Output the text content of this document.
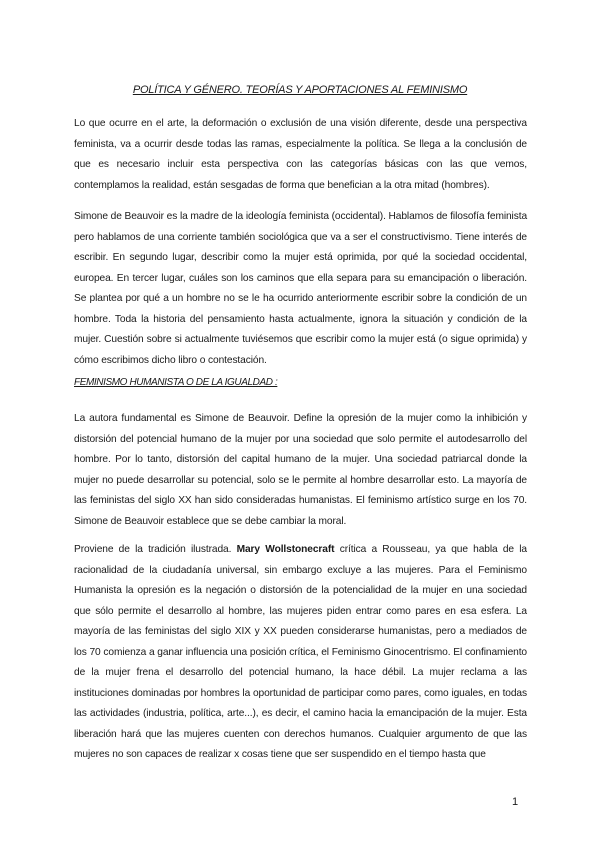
POLÍTICA Y GÉNERO. TEORÍAS Y APORTACIONES AL FEMINISMO

Lo que ocurre en el arte, la deformación o exclusión de una visión diferente, desde una perspectiva feminista, va a ocurrir desde todas las ramas, especialmente la política. Se llega a la conclusión de que es necesario incluir esta perspectiva con las categorías básicas con las que vemos, contemplamos la realidad, están sesgadas de forma que benefician a la otra mitad (hombres).

Simone de Beauvoir es la madre de la ideología feminista (occidental). Hablamos de filosofía feminista pero hablamos de una corriente también sociológica que va a ser el constructivismo. Tiene interés de escribir. En segundo lugar, describir como la mujer está oprimida, por qué la sociedad occidental, europea. En tercer lugar, cuáles son los caminos que ella separa para su emancipación o liberación. Se plantea por qué a un hombre no se le ha ocurrido anteriormente escribir sobre la condición de un hombre. Toda la historia del pensamiento hasta actualmente, ignora la situación y condición de la mujer. Cuestión sobre si actualmente tuviésemos que escribir como la mujer está (o sigue oprimida) y cómo escribimos dicho libro o contestación.

FEMINISMO HUMANISTA O DE LA IGUALDAD :

La autora fundamental es Simone de Beauvoir. Define la opresión de la mujer como la inhibición y distorsión del potencial humano de la mujer por una sociedad que solo permite el autodesarrollo del hombre. Por lo tanto, distorsión del capital humano de la mujer. Una sociedad patriarcal donde la mujer no puede desarrollar su potencial, solo se le permite al hombre desarrollar esto. La mayoría de las feministas del siglo XX han sido consideradas humanistas. El feminismo artístico surge en los 70. Simone de Beauvoir establece que se debe cambiar la moral.

Proviene de la tradición ilustrada. Mary Wollstonecraft crítica a Rousseau, ya que habla de la racionalidad de la ciudadanía universal, sin embargo excluye a las mujeres. Para el Feminismo Humanista la opresión es la negación o distorsión de la potencialidad de la mujer en una sociedad que sólo permite el desarrollo al hombre, las mujeres piden entrar como pares en esa esfera. La mayoría de las feministas del siglo XIX y XX pueden considerarse humanistas, pero a mediados de los 70 comienza a ganar influencia una posición crítica, el Feminismo Ginocentrismo. El confinamiento de la mujer frena el desarrollo del potencial humano, la hace débil. La mujer reclama a las instituciones dominadas por hombres la oportunidad de participar como pares, como iguales, en todas las actividades (industria, política, arte...), es decir, el camino hacia la emancipación de la mujer. Esta liberación hará que las mujeres cuenten con derechos humanos. Cualquier argumento de que las mujeres no son capaces de realizar x cosas tiene que ser suspendido en el tiempo hasta que

1
